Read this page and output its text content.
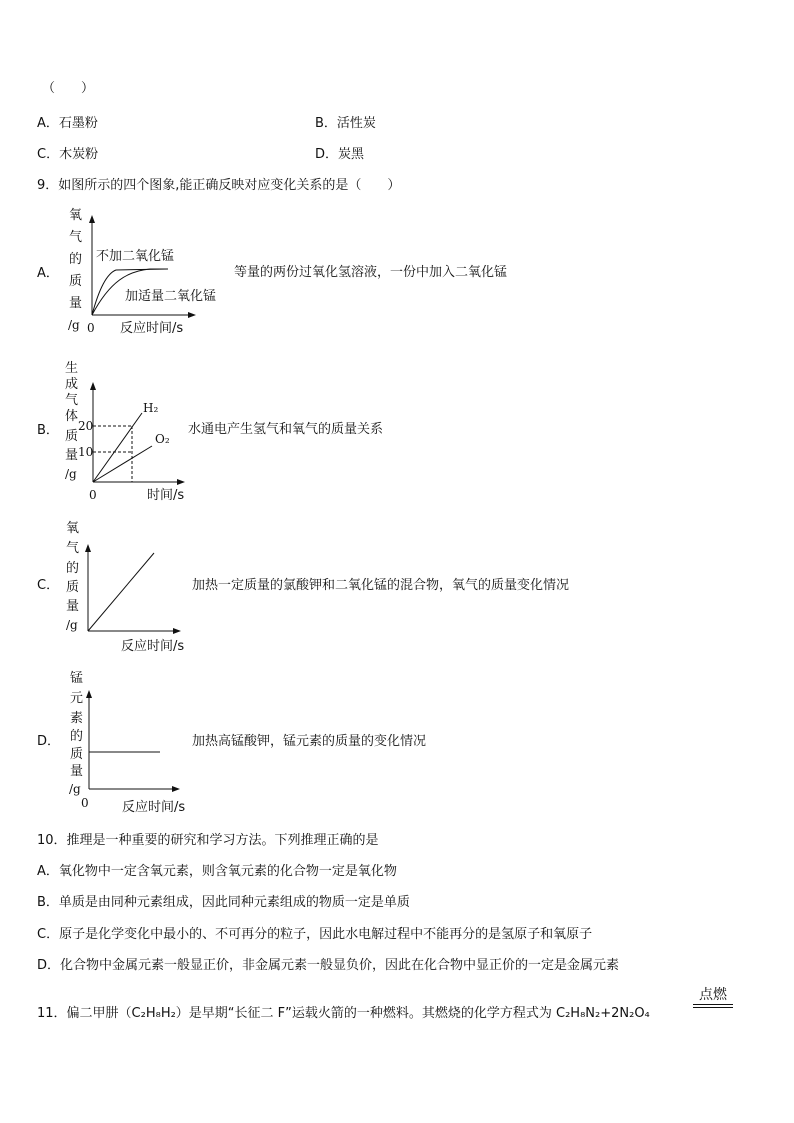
（　　）
A．石墨粉	B．活性炭
C．木炭粉	D．炭黑
9．如图所示的四个图象,能正确反映对应变化关系的是（　　）
A．
氧
气
的
质
量
/g
不加二氧化锰
加适量二氧化锰
0 反应时间/s
等量的两份过氧化氢溶液，一份中加入二氧化锰
B．
生
成
气
体
质
量
/g
20
10
H₂
O₂
0	时间/s
水通电产生氢气和氧气的质量关系
C．
氧
气
的
质
量
/g
反应时间/s
加热一定质量的氯酸钾和二氧化锰的混合物，氧气的质量变化情况
D．
锰
元
素
的
质
量
/g
0	反应时间/s
加热高锰酸钾，锰元素的质量的变化情况
10．推理是一种重要的研究和学习方法。下列推理正确的是
A．氧化物中一定含氧元素，则含氧元素的化合物一定是氧化物
B．单质是由同种元素组成，因此同种元素组成的物质一定是单质
C．原子是化学变化中最小的、不可再分的粒子，因此水电解过程中不能再分的是氢原子和氧原子
D．化合物中金属元素一般显正价，非金属元素一般显负价，因此在化合物中显正价的一定是金属元素
11．偏二甲肼（C₂H₈H₂）是早期“长征二 F”运载火箭的一种燃料。其燃烧的化学方程式为 C₂H₈N₂+2N₂O₄
点燃
